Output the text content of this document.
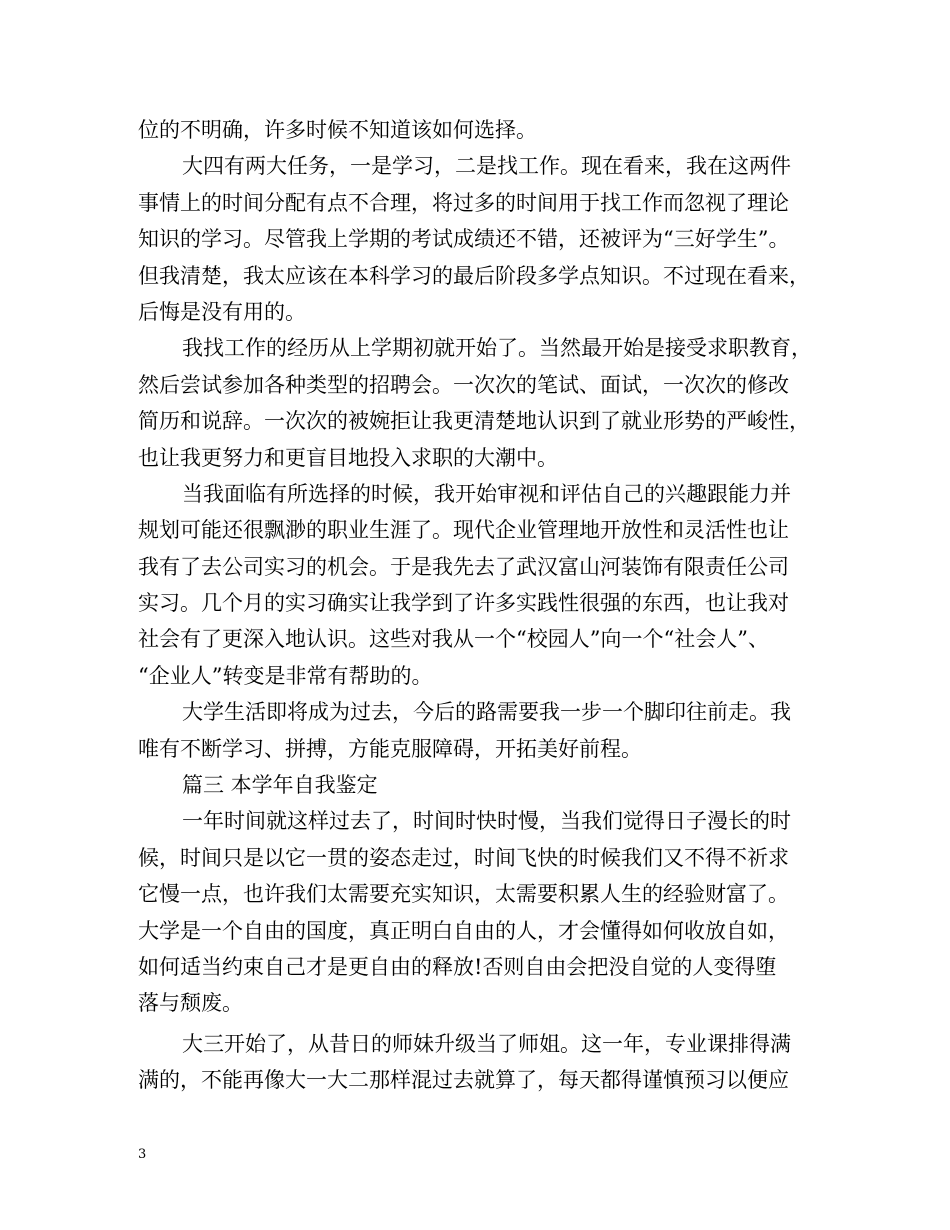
位的不明确，许多时候不知道该如何选择。
大四有两大任务，一是学习，二是找工作。现在看来，我在这两件
事情上的时间分配有点不合理，将过多的时间用于找工作而忽视了理论
知识的学习。尽管我上学期的考试成绩还不错，还被评为“三好学生”。
但我清楚，我太应该在本科学习的最后阶段多学点知识。不过现在看来，
后悔是没有用的。
我找工作的经历从上学期初就开始了。当然最开始是接受求职教育，
然后尝试参加各种类型的招聘会。一次次的笔试、面试，一次次的修改
简历和说辞。一次次的被婉拒让我更清楚地认识到了就业形势的严峻性，
也让我更努力和更盲目地投入求职的大潮中。
当我面临有所选择的时候，我开始审视和评估自己的兴趣跟能力并
规划可能还很飘渺的职业生涯了。现代企业管理地开放性和灵活性也让
我有了去公司实习的机会。于是我先去了武汉富山河装饰有限责任公司
实习。几个月的实习确实让我学到了许多实践性很强的东西，也让我对
社会有了更深入地认识。这些对我从一个“校园人”向一个“社会人”、
“企业人”转变是非常有帮助的。
大学生活即将成为过去，今后的路需要我一步一个脚印往前走。我
唯有不断学习、拼搏，方能克服障碍，开拓美好前程。
篇三 本学年自我鉴定
一年时间就这样过去了，时间时快时慢，当我们觉得日子漫长的时
候，时间只是以它一贯的姿态走过，时间飞快的时候我们又不得不祈求
它慢一点，也许我们太需要充实知识，太需要积累人生的经验财富了。
大学是一个自由的国度，真正明白自由的人，才会懂得如何收放自如，
如何适当约束自己才是更自由的释放!否则自由会把没自觉的人变得堕
落与颓废。
大三开始了，从昔日的师妹升级当了师姐。这一年，专业课排得满
满的，不能再像大一大二那样混过去就算了，每天都得谨慎预习以便应
3
